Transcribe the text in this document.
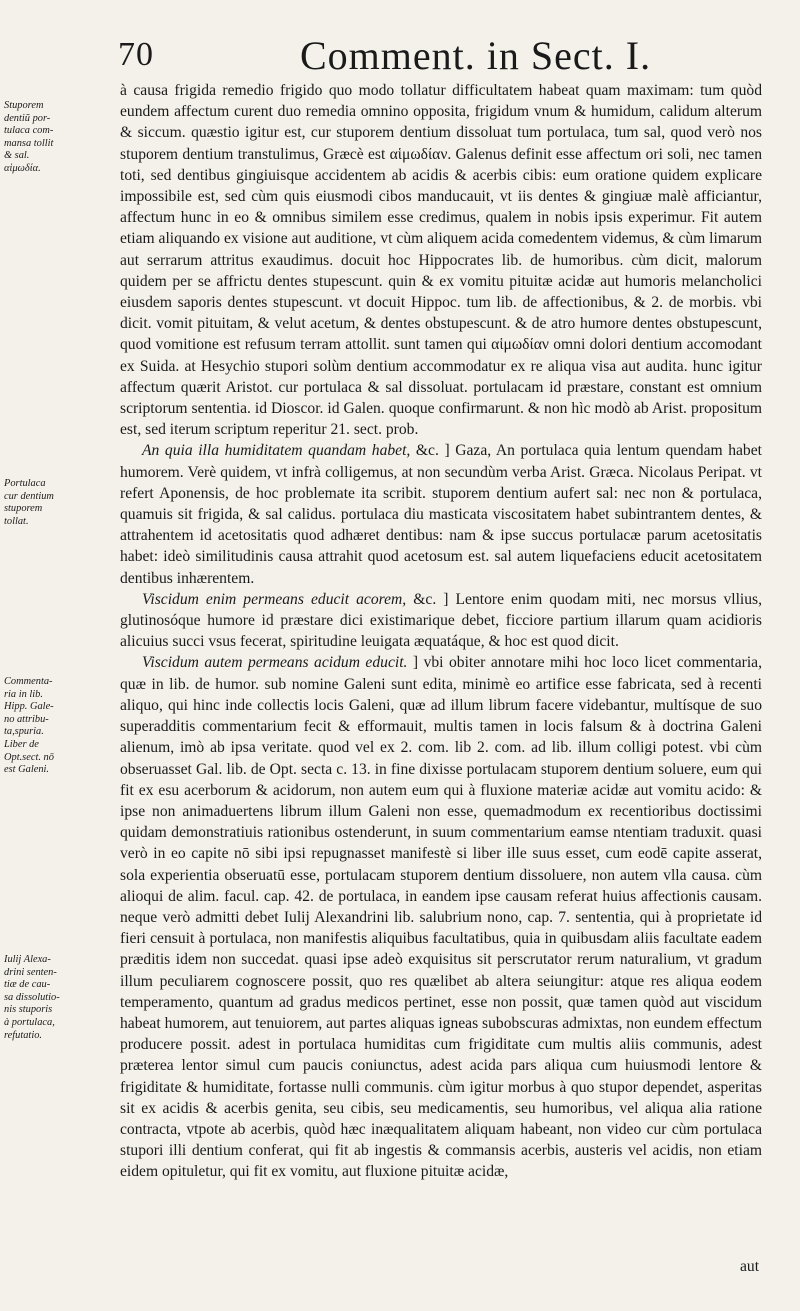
70	Comment. in Sect. I.
Stuporem
dentiũ por-
tulaca com-
mansa tollit
& sal.
αἱμωδία.
Portulaca
cur dentium
stuporem
tollat.
Commenta-
ria in lib.
Hipp. Gale-
no attribu-
ta,spuria.
Liber de
Opt.sect. nō
est Galeni.
Iulij Alexa-
drini senten-
tiæ de cau-
sa dissolutio-
nis stuporis
à portulaca,
refutatio.

à causa frigida remedio frigido quo modo tollatur difficultatem habeat quam maximam: tum quòd eundem affectum curent duo remedia omnino opposita, frigidum vnum & humidum, calidum alterum & siccum. quæstio igitur est, cur stuporem dentium dissoluat tum portulaca, tum sal, quod verò nos stuporem dentium transtulimus, Græcè est αἱμωδίαν. Galenus definit esse affectum ori soli, nec tamen toti, sed dentibus gingiuisque accidentem ab acidis & acerbis cibis: eum oratione quidem explicare impossibile est, sed cùm quis eiusmodi cibos manducauit, vt iis dentes & gingiuæ malè afficiantur, affectum hunc in eo & omnibus similem esse credimus, qualem in nobis ipsis experimur. Fit autem etiam aliquando ex visione aut auditione, vt cùm aliquem acida comedentem videmus, & cùm limarum aut serrarum attritus exaudimus. docuit hoc Hippocrates lib. de humoribus. cùm dicit, malorum quidem per se affrictu dentes stupescunt. quin & ex vomitu pituitæ acidæ aut humoris melancholici eiusdem saporis dentes stupescunt. vt docuit Hippoc. tum lib. de affectionibus, & 2. de morbis. vbi dicit. vomit pituitam, & velut acetum, & dentes obstupescunt. & de atro humore dentes obstupescunt, quod vomitione est refusum terram attollit. sunt tamen qui αἱμωδίαν omni dolori dentium accomodant ex Suida. at Hesychio stupori solùm dentium accommodatur ex re aliqua visa aut audita. hunc igitur affectum quærit Aristot. cur portulaca & sal dissoluat. portulacam id præstare, constant est omnium scriptorum sententia. id Dioscor. id Galen. quoque confirmarunt. & non hìc modò ab Arist. propositum est, sed iterum scriptum reperitur 21. sect. prob.

An quia illa humiditatem quandam habet, &c. ] Gaza, An portulaca quia lentum quendam habet humorem. Verè quidem, vt infrà colligemus, at non secundùm verba Arist. Græca. Nicolaus Peripat. vt refert Aponensis, de hoc problemate ita scribit. stuporem dentium aufert sal: nec non & portulaca, quamuis sit frigida, & sal calidus. portulaca diu masticata viscositatem habet subintrantem dentes, & attrahentem id acetositatis quod adhæret dentibus: nam & ipse succus portulacæ parum acetositatis habet: ideò similitudinis causa attrahit quod acetosum est. sal autem liquefaciens educit acetositatem dentibus inhærentem.

Viscidum enim permeans educit acorem, &c. ] Lentore enim quodam miti, nec morsus vllius, glutinosóque humore id præstare dici existimarique debet, ficciore partium illarum quam acidioris alicuius succi vsus fecerat, spiritudine leuigata æquatáque, & hoc est quod dicit.

Viscidum autem permeans acidum educit. ] vbi obiter annotare mihi hoc loco licet commentaria, quæ in lib. de humor. sub nomine Galeni sunt edita, minimè eo artifice esse fabricata, sed à recenti aliquo, qui hinc inde collectis locis Galeni, quæ ad illum librum facere videbantur, multísque de suo superadditis commentarium fecit & efformauit, multis tamen in locis falsum & à doctrina Galeni alienum, imò ab ipsa veritate. quod vel ex 2. com. lib 2. com. ad lib. illum colligi potest. vbi cùm obseruasset Gal. lib. de Opt. secta c. 13. in fine dixisse portulacam stuporem dentium soluere, eum qui fit ex esu acerborum & acidorum, non autem eum qui à fluxione materiæ acidæ aut vomitu acido: & ipse non animaduertens librum illum Galeni non esse, quemadmodum ex recentioribus doctissimi quidam demonstratiuis rationibus ostenderunt, in suum commentarium eamse ntentiam traduxit. quasi verò in eo capite nō sibi ipsi repugnasset manifestè si liber ille suus esset, cum eodē capite asserat, sola experientia obseruatū esse, portulacam stuporem dentium dissoluere, non autem vlla causa. cùm alioqui de alim. facul. cap. 42. de portulaca, in eandem ipse causam referat huius affectionis causam. neque verò admitti debet Iulij Alexandrini lib. salubrium nono, cap. 7. sententia, qui à proprietate id fieri censuit à portulaca, non manifestis aliquibus facultatibus, quia in quibusdam aliis facultate eadem præditis idem non succedat. quasi ipse adeò exquisitus sit perscrutator rerum naturalium, vt gradum illum peculiarem cognoscere possit, quo res quælibet ab altera seiungitur: atque res aliqua eodem temperamento, quantum ad gradus medicos pertinet, esse non possit, quæ tamen quòd aut viscidum habeat humorem, aut tenuiorem, aut partes aliquas igneas subobscuras admixtas, non eundem effectum producere possit. adest in portulaca humiditas cum frigiditate cum multis aliis communis, adest præterea lentor simul cum paucis coniunctus, adest acida pars aliqua cum huiusmodi lentore & frigiditate & humiditate, fortasse nulli communis. cùm igitur morbus à quo stupor dependet, asperitas sit ex acidis & acerbis genita, seu cibis, seu medicamentis, seu humoribus, vel aliqua alia ratione contracta, vtpote ab acerbis, quòd hæc inæqualitatem aliquam habeant, non video cur cùm portulaca stupori illi dentium conferat, qui fit ab ingestis & commansis acerbis, austeris vel acidis, non etiam eidem opituletur, qui fit ex vomitu, aut fluxione pituitæ acidæ,

aut
